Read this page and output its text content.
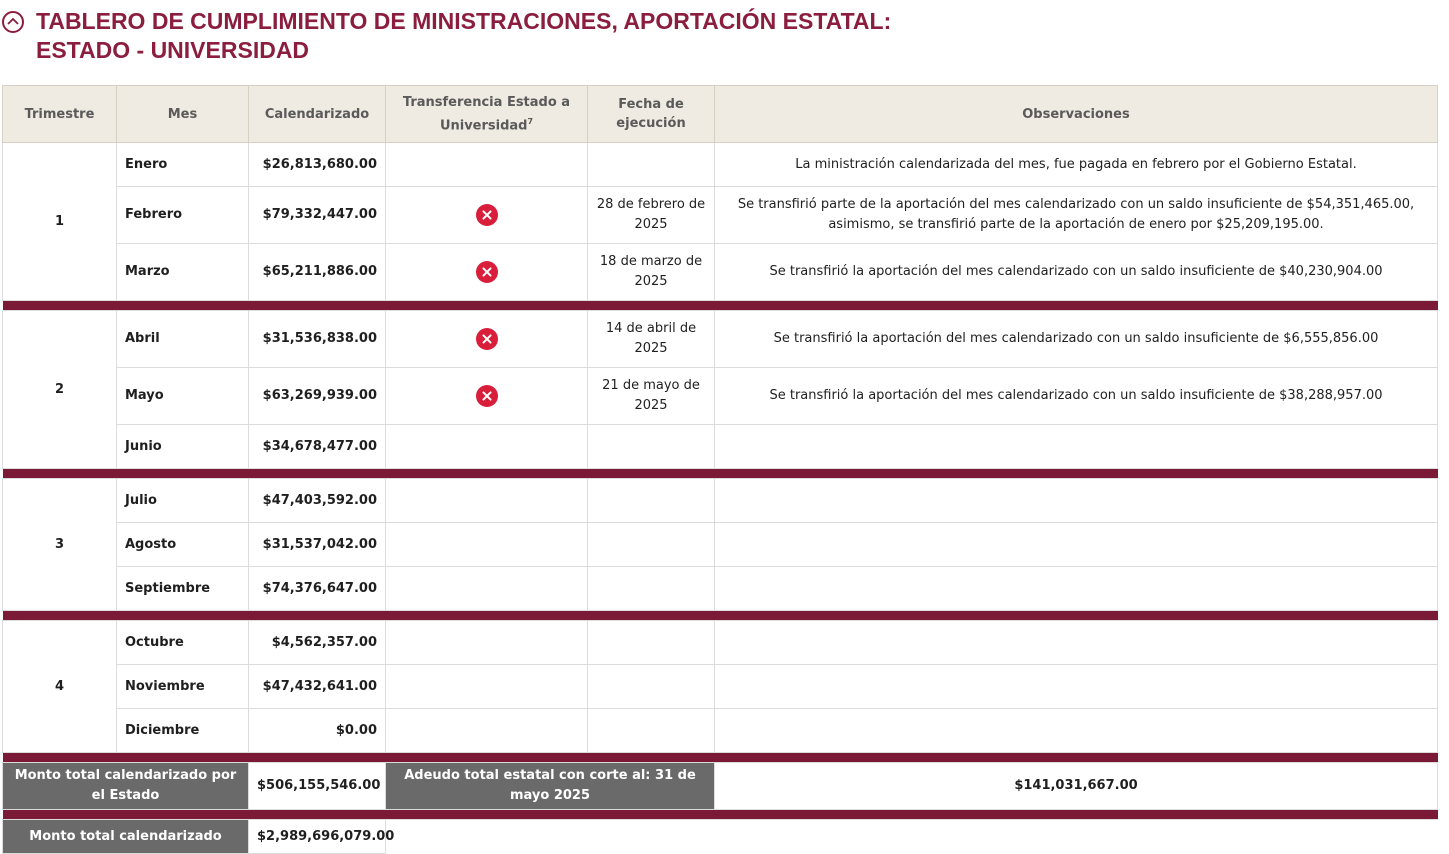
TABLERO DE CUMPLIMIENTO DE MINISTRACIONES, APORTACIÓN ESTATAL:
ESTADO - UNIVERSIDAD
Trimestre	Mes	Calendarizado	Transferencia Estado a Universidad$^7$	Fecha de ejecución	Observaciones
1	Enero	$26,813,680.00			La ministración calendarizada del mes, fue pagada en febrero por el Gobierno Estatal.
	Febrero	$79,332,447.00		28 de febrero de 2025	Se transfirió parte de la aportación del mes calendarizado con un saldo insuficiente de $54,351,465.00, asimismo, se transfirió parte de la aportación de enero por $25,209,195.00.
	Marzo	$65,211,886.00		18 de marzo de 2025	Se transfirió la aportación del mes calendarizado con un saldo insuficiente de $40,230,904.00

2	Abril	$31,536,838.00		14 de abril de 2025	Se transfirió la aportación del mes calendarizado con un saldo insuficiente de $6,555,856.00
	Mayo	$63,269,939.00		21 de mayo de 2025	Se transfirió la aportación del mes calendarizado con un saldo insuficiente de $38,288,957.00
	Junio	$34,678,477.00			

3	Julio	$47,403,592.00			
	Agosto	$31,537,042.00			
	Septiembre	$74,376,647.00			

4	Octubre	$4,562,357.00			
	Noviembre	$47,432,641.00			
	Diciembre	$0.00			

Monto total calendarizado por el Estado		$506,155,546.00	Adeudo total estatal con corte al: 31 de mayo 2025		$141,031,667.00

Monto total calendarizado		$2,989,696,079.00			
